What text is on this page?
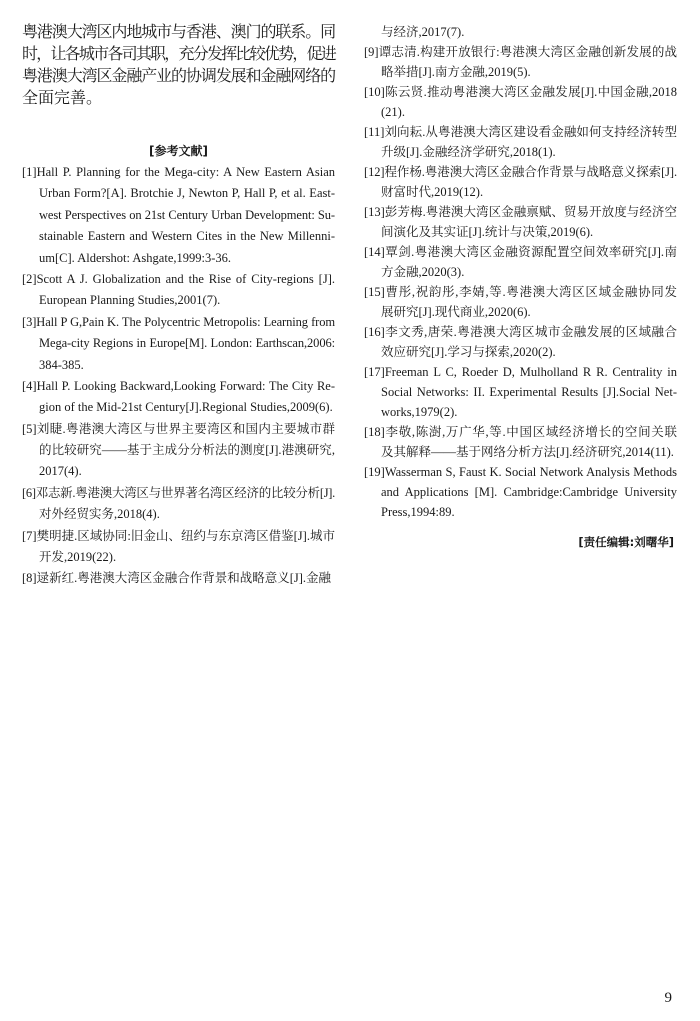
粤港澳大湾区内地城市与香港、澳门的联系。同
时，让各城市各司其职，充分发挥比较优势，促进
粤港澳大湾区金融产业的协调发展和金融网络的
全面完善。
[参考文献]
[1]Hall P. Planning for the Mega-city: A New Eastern Asian
Urban Form?[A]. Brotchie J, Newton P, Hall P, et al. East-
west Perspectives on 21st Century Urban Development: Su-
stainable Eastern and Western Cites in the New Millenni-
um[C]. Aldershot: Ashgate,1999:3-36.
[2]Scott A J. Globalization and the Rise of City-regions [J].
European Planning Studies,2001(7).
[3]Hall P G,Pain K. The Polycentric Metropolis: Learning from
Mega-city Regions in Europe[M]. London: Earthscan,2006:
384-385.
[4]Hall P. Looking Backward,Looking Forward: The City Re-
gion of the Mid-21st Century[J].Regional Studies,2009(6).
[5]刘睫.粤港澳大湾区与世界主要湾区和国内主要城市群
的比较研究——基于主成分分析法的测度[J].港澳研究,
2017(4).
[6]邓志新.粤港澳大湾区与世界著名湾区经济的比较分析[J].
对外经贸实务,2018(4).
[7]樊明捷.区域协同:旧金山、纽约与东京湾区借鉴[J].城市
开发,2019(22).
[8]逯新红.粤港澳大湾区金融合作背景和战略意义[J].金融
与经济,2017(7).
[9]谭志清.构建开放银行:粤港澳大湾区金融创新发展的战
略举措[J].南方金融,2019(5).
[10]陈云贤.推动粤港澳大湾区金融发展[J].中国金融,2018
(21).
[11]刘向耘.从粤港澳大湾区建设看金融如何支持经济转型
升级[J].金融经济学研究,2018(1).
[12]程作杨.粤港澳大湾区金融合作背景与战略意义探索[J].
财富时代,2019(12).
[13]彭芳梅.粤港澳大湾区金融禀赋、贸易开放度与经济空
间演化及其实证[J].统计与决策,2019(6).
[14]覃剑.粤港澳大湾区金融资源配置空间效率研究[J].南
方金融,2020(3).
[15]曹彤,祝韵彤,李婧,等.粤港澳大湾区区域金融协同发
展研究[J].现代商业,2020(6).
[16]李文秀,唐荣.粤港澳大湾区城市金融发展的区域融合
效应研究[J].学习与探索,2020(2).
[17]Freeman L C, Roeder D, Mulholland R R. Centrality in
Social Networks: II. Experimental Results [J].Social Net-
works,1979(2).
[18]李敬,陈澍,万广华,等.中国区域经济增长的空间关联
及其解释——基于网络分析方法[J].经济研究,2014(11).
[19]Wasserman S, Faust K. Social Network Analysis Methods
and Applications [M]. Cambridge:Cambridge University
Press,1994:89.
[责任编辑:刘曙华]
9
